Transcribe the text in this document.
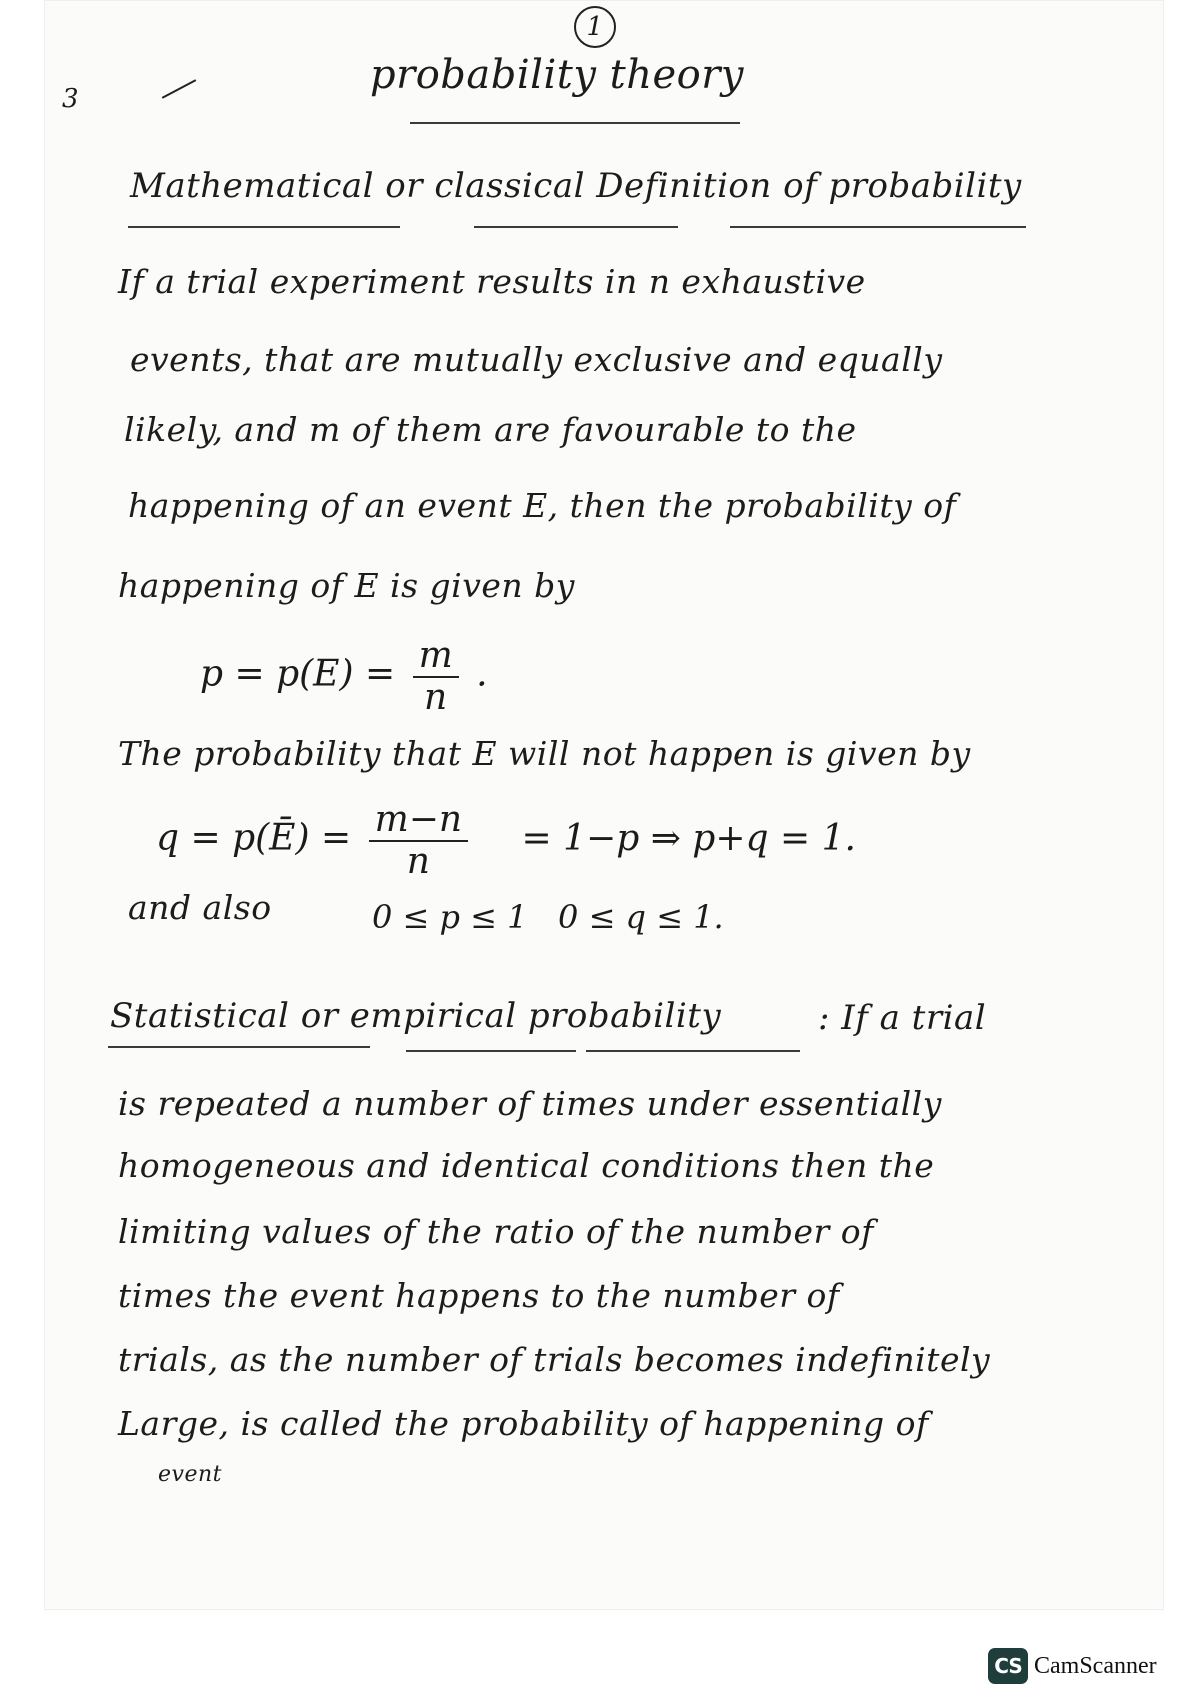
1
3
probability theory
Mathematical or classical Definition of probability
If a trial experiment results in n exhaustive
events, that are mutually exclusive and equally
likely, and m of them are favourable to the
happening of an event E, then the probability of
happening of E is given by
$p = p(E) = \frac{m}{n}$ .
The probability that E will not happen is given by
q = p(Ē) = $\frac{m-n}{n} = 1-p$ ⇒ p+q = 1.
and also	0 ≤ p ≤ 1   0 ≤ q ≤ 1.
Statistical or empirical probability	: If a trial
is repeated a number of times under essentially
homogeneous and identical conditions then the
limiting values of the ratio of the number of
times the event happens to the number of
trials, as the number of trials becomes indefinitely
Large, is called the probability of happening of
event
CS CamScanner
